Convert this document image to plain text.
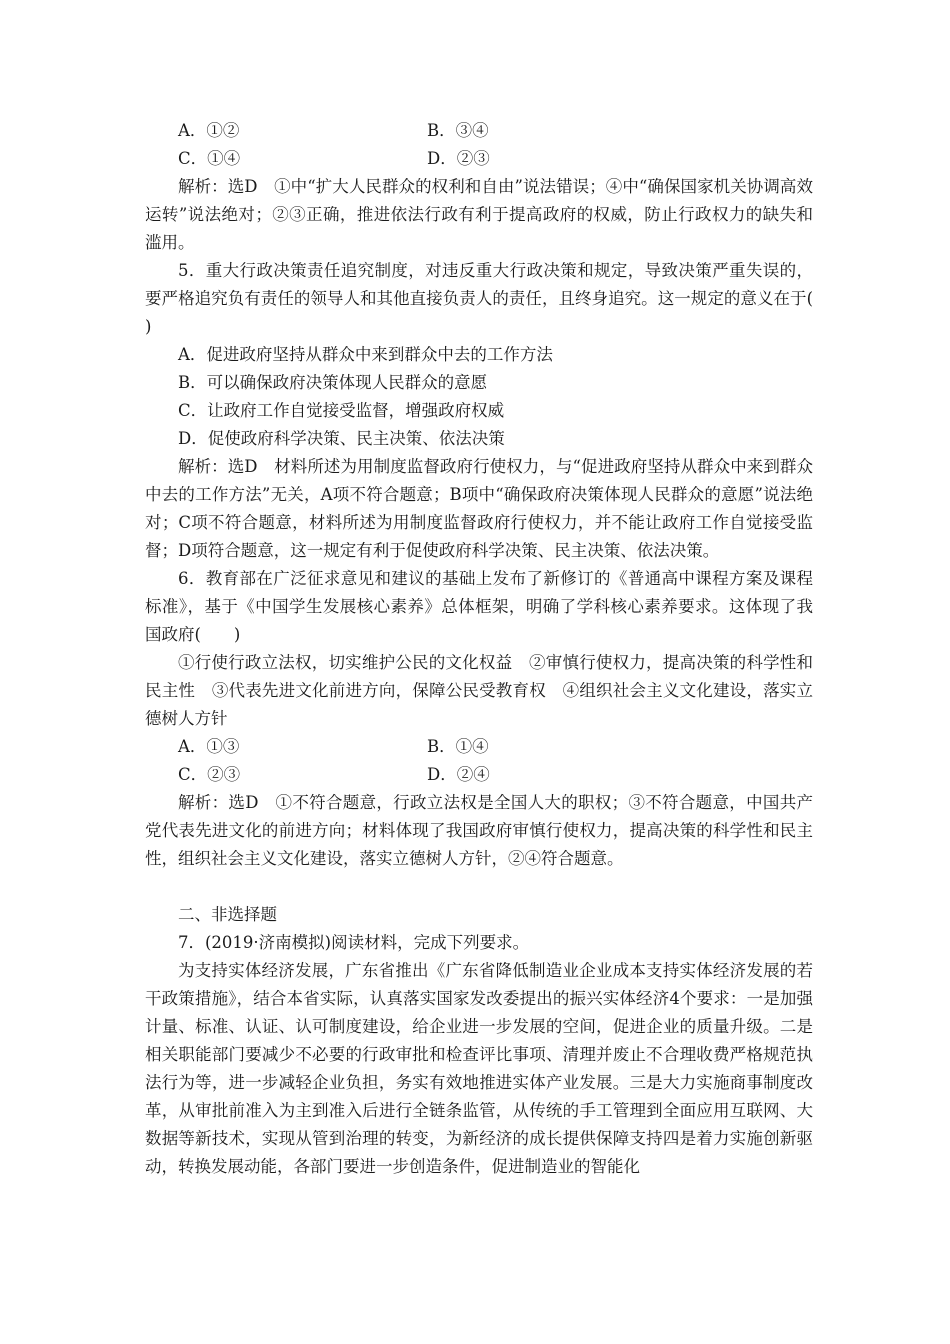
A．①②	B．③④
C．①④	D．②③

解析：选D　①中“扩大人民群众的权利和自由”说法错误；④中“确保国家机关协调高效运转”说法绝对；②③正确，推进依法行政有利于提高政府的权威，防止行政权力的缺失和滥用。

5．重大行政决策责任追究制度，对违反重大行政决策和规定，导致决策严重失误的，要严格追究负有责任的领导人和其他直接负责人的责任，且终身追究。这一规定的意义在于(　　)

A．促进政府坚持从群众中来到群众中去的工作方法

B．可以确保政府决策体现人民群众的意愿

C．让政府工作自觉接受监督，增强政府权威

D．促使政府科学决策、民主决策、依法决策

解析：选D　材料所述为用制度监督政府行使权力，与“促进政府坚持从群众中来到群众中去的工作方法”无关，A项不符合题意；B项中“确保政府决策体现人民群众的意愿”说法绝对；C项不符合题意，材料所述为用制度监督政府行使权力，并不能让政府工作自觉接受监督；D项符合题意，这一规定有利于促使政府科学决策、民主决策、依法决策。

6．教育部在广泛征求意见和建议的基础上发布了新修订的《普通高中课程方案及课程标准》，基于《中国学生发展核心素养》总体框架，明确了学科核心素养要求。这体现了我国政府(　　)

①行使行政立法权，切实维护公民的文化权益　②审慎行使权力，提高决策的科学性和民主性　③代表先进文化前进方向，保障公民受教育权　④组织社会主义文化建设，落实立德树人方针

A．①③	B．①④
C．②③	D．②④

解析：选D　①不符合题意，行政立法权是全国人大的职权；③不符合题意，中国共产党代表先进文化的前进方向；材料体现了我国政府审慎行使权力，提高决策的科学性和民主性，组织社会主义文化建设，落实立德树人方针，②④符合题意。

二、非选择题

7．(2019·济南模拟)阅读材料，完成下列要求。

为支持实体经济发展，广东省推出《广东省降低制造业企业成本支持实体经济发展的若干政策措施》，结合本省实际，认真落实国家发改委提出的振兴实体经济4个要求：一是加强计量、标准、认证、认可制度建设，给企业进一步发展的空间，促进企业的质量升级。二是相关职能部门要减少不必要的行政审批和检查评比事项、清理并废止不合理收费严格规范执法行为等，进一步减轻企业负担，务实有效地推进实体产业发展。三是大力实施商事制度改革，从审批前准入为主到准入后进行全链条监管，从传统的手工管理到全面应用互联网、大数据等新技术，实现从管到治理的转变，为新经济的成长提供保障支持四是着力实施创新驱动，转换发展动能，各部门要进一步创造条件，促进制造业的智能化
